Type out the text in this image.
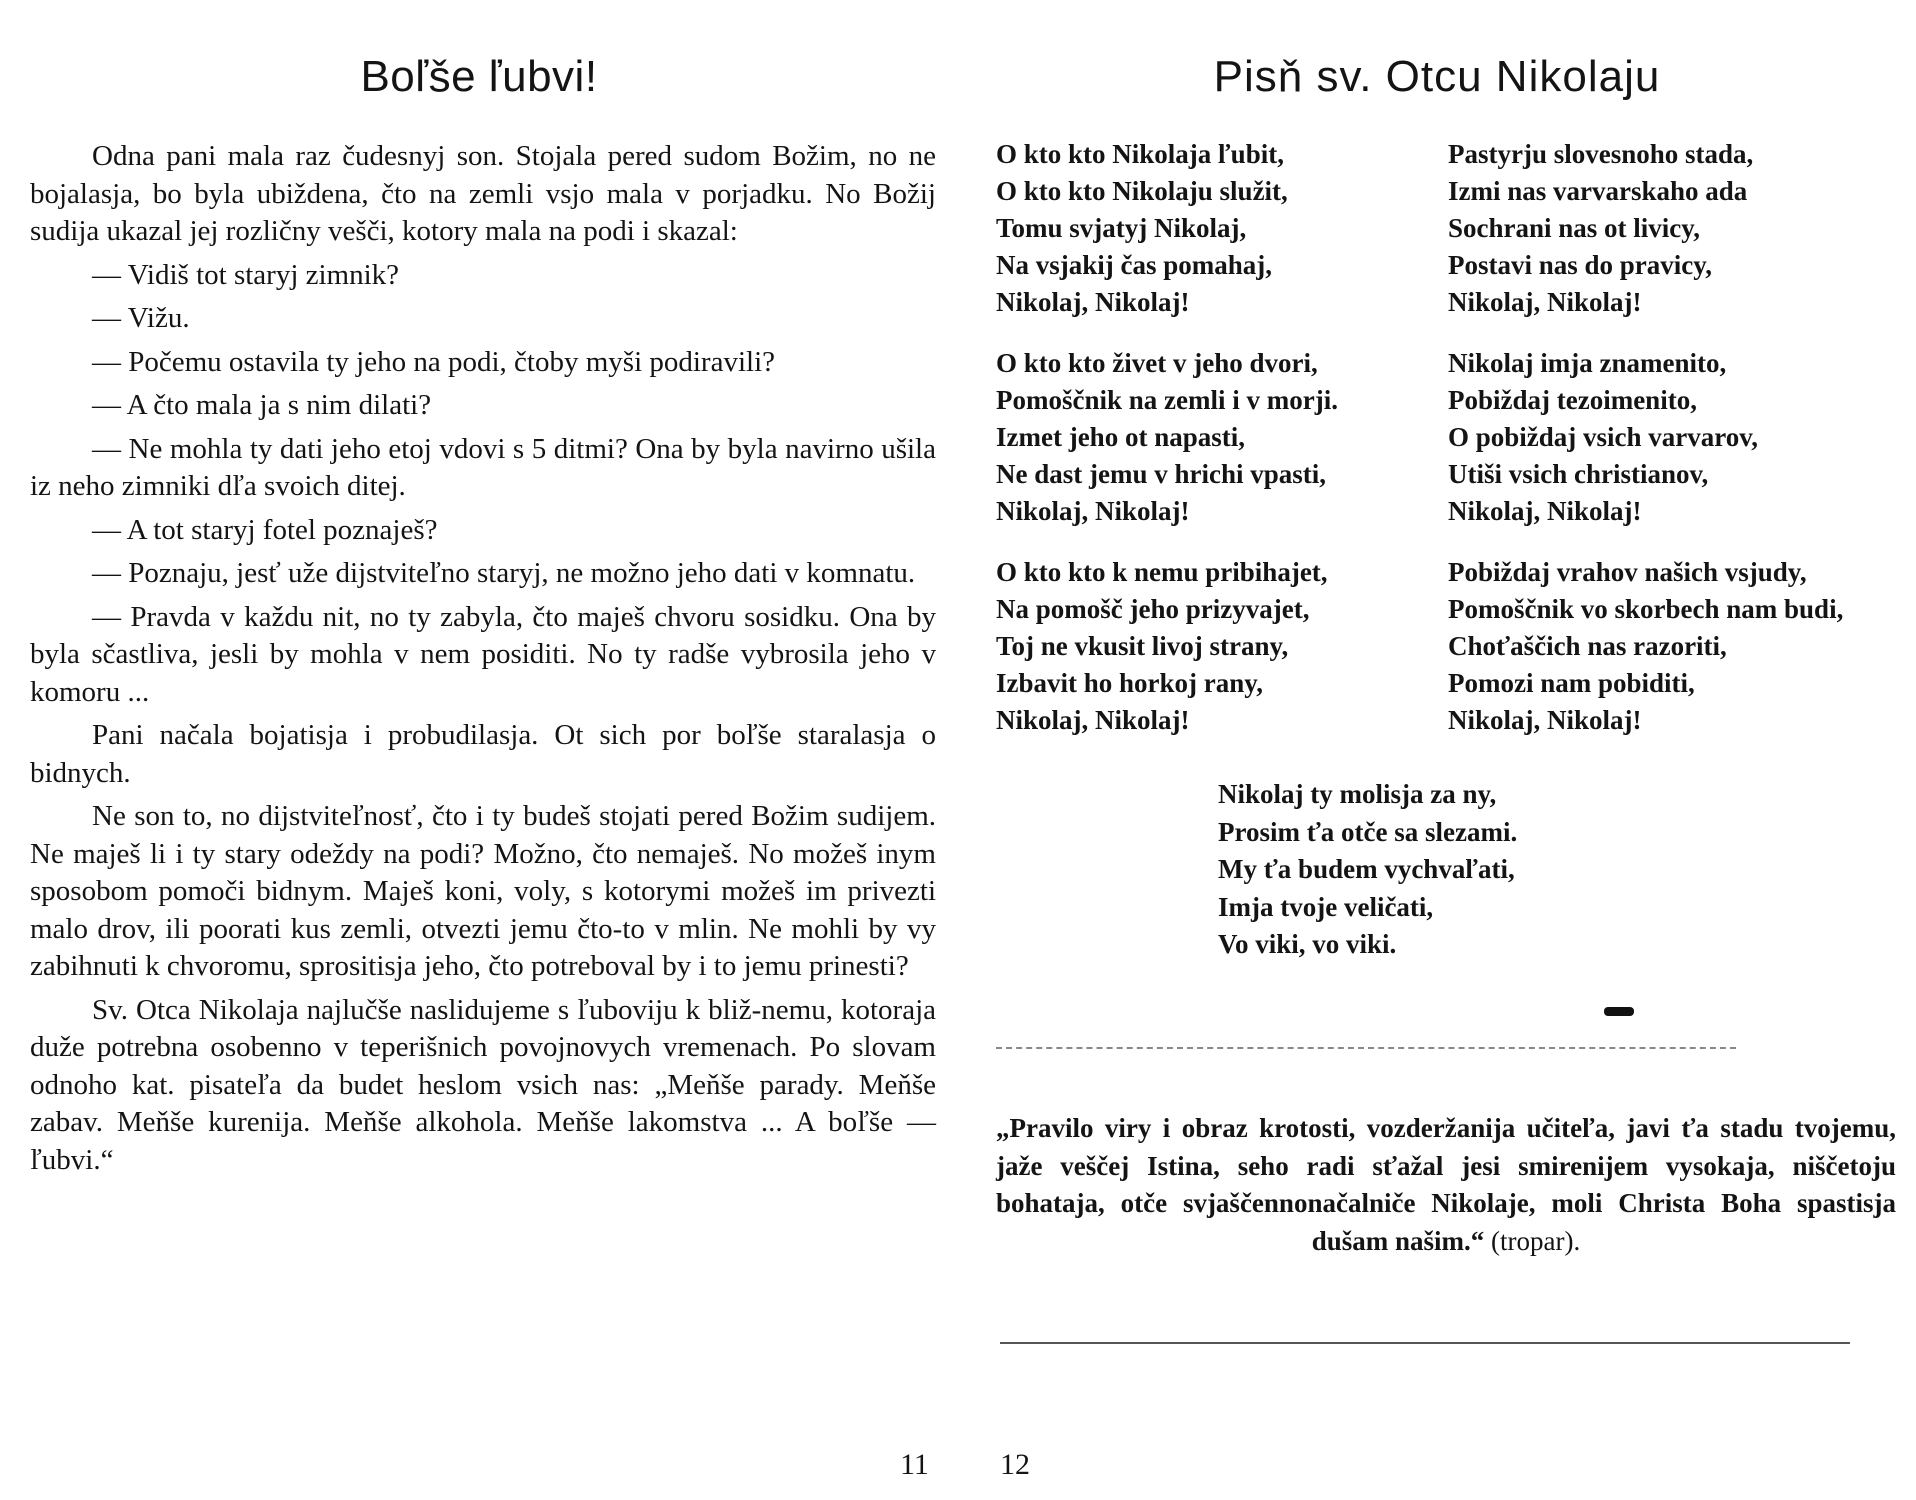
Boľše ľubvi!

Odna pani mala raz čudesnyj son. Stojala pered sudom Božim, no ne bojalasja, bo byla ubiždena, čto na zemli vsjo mala v porjadku. No Božij sudija ukazal jej rozličny vešči, kotory mala na podi i skazal:

— Vidiš tot staryj zimnik?

— Vižu.

— Počemu ostavila ty jeho na podi, čtoby myši podiravili?

— A čto mala ja s nim dilati?

— Ne mohla ty dati jeho etoj vdovi s 5 ditmi? Ona by byla navirno ušila iz neho zimniki dľa svoich ditej.

— A tot staryj fotel poznaješ?

— Poznaju, jesť uže dijstviteľno staryj, ne možno jeho dati v komnatu.

— Pravda v každu nit, no ty zabyla, čto maješ chvoru sosidku. Ona by byla sčastliva, jesli by mohla v nem posiditi. No ty radše vybrosila jeho v komoru ...

Pani načala bojatisja i probudilasja. Ot sich por boľše staralasja o bidnych.

Ne son to, no dijstviteľnosť, čto i ty budeš stojati pered Božim sudijem. Ne maješ li i ty stary odeždy na podi? Možno, čto nemaješ. No možeš inym sposobom pomoči bidnym. Maješ koni, voly, s kotorymi možeš im privezti malo drov, ili poorati kus zemli, otvezti jemu čto-to v mlin. Ne mohli by vy zabihnuti k chvoromu, sprositisja jeho, čto potreboval by i to jemu prinesti?

Sv. Otca Nikolaja najlučše naslidujeme s ľuboviju k bliž-nemu, kotoraja duže potrebna osobenno v teperišnich povojnovych vremenach. Po slovam odnoho kat. pisateľa da budet heslom vsich nas: „Meňše parady. Meňše zabav. Meňše kurenija. Meňše alkohola. Meňše lakomstva ... A boľše — ľubvi.“

11
Pisň sv. Otcu Nikolaju
O kto kto Nikolaja ľubit,
O kto kto Nikolaju služit,
Tomu svjatyj Nikolaj,
Na vsjakij čas pomahaj,
Nikolaj, Nikolaj!
Pastyrju slovesnoho stada,
Izmi nas varvarskaho ada
Sochrani nas ot livicy,
Postavi nas do pravicy,
Nikolaj, Nikolaj!
O kto kto živet v jeho dvori,
Pomoščnik na zemli i v morji.
Izmet jeho ot napasti,
Ne dast jemu v hrichi vpasti,
Nikolaj, Nikolaj!
Nikolaj imja znamenito,
Pobiždaj tezoimenito,
O pobiždaj vsich varvarov,
Utiši vsich christianov,
Nikolaj, Nikolaj!
O kto kto k nemu pribihajet,
Na pomošč jeho prizyvajet,
Toj ne vkusit livoj strany,
Izbavit ho horkoj rany,
Nikolaj, Nikolaj!
Pobiždaj vrahov našich vsjudy,
Pomoščnik vo skorbech nam budi,
Choťaščich nas razoriti,
Pomozi nam pobiditi,
Nikolaj, Nikolaj!
Nikolaj ty molisja za ny,
Prosim ťa otče sa slezami.
My ťa budem vychvaľati,
Imja tvoje veličati,
Vo viki, vo viki.
„Pravilo viry i obraz krotosti, vozderžanija učiteľa, javi ťa stadu tvojemu, jaže veščej Istina, seho radi sťažal jesi smirenijem vysokaja, niščetoju bohataja, otče svjaščennonačalniče Nikolaje, moli Christa Boha spastisja dušam našim.“ (tropar).
12
